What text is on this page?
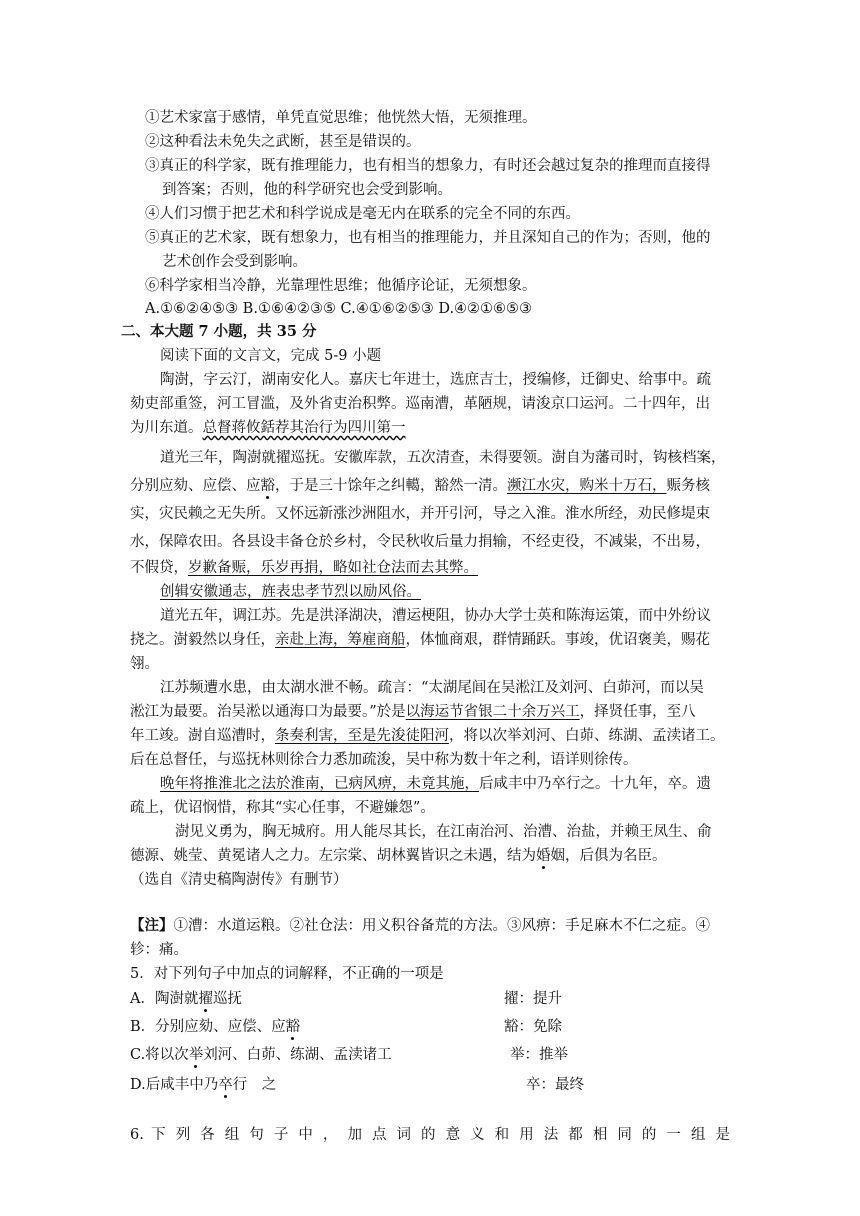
①艺术家富于感情，单凭直觉思维；他恍然大悟，无须推理。
②这种看法未免失之武断，甚至是错误的。
③真正的科学家，既有推理能力，也有相当的想象力，有时还会越过复杂的推理而直接得
到答案；否则，他的科学研究也会受到影响。
④人们习惯于把艺术和科学说成是毫无内在联系的完全不同的东西。
⑤真正的艺术家，既有想象力，也有相当的推理能力，并且深知自己的作为；否则，他的
艺术创作会受到影响。
⑥科学家相当冷静，光靠理性思维；他循序论证，无须想象。
A.①⑥②④⑤③ B.①⑥④②③⑤ C.④①⑥②⑤③ D.④②①⑥⑤③
二、本大题 7 小题，共 35 分
阅读下面的文言文，完成 5-9 小题
陶澍，字云汀，湖南安化人。嘉庆七年进士，选庶吉士，授编修，迁御史、给事中。疏
劾吏部重签，河工冒滥，及外省吏治积弊。巡南漕，革陋规，请浚京口运河。二十四年，出
为川东道。总督蒋攸銛荐其治行为四川第一
道光三年，陶澍就擢巡抚。安徽库款，五次清查，未得要领。澍自为藩司时，钩核档案，
分别应劾、应偿、应豁，于是三十馀年之纠轕，豁然一清。濒江水灾，购米十万石，赈务核
实，灾民赖之无失所。又怀远新涨沙洲阻水，并开引河，导之入淮。淮水所经，劝民修堤束
水，保障农田。各县设丰备仓於乡村，令民秋收后量力捐输，不经吏役，不减粜，不出易，
不假贷，岁歉备赈，乐岁再捐，略如社仓法而去其弊。
创辑安徽通志，旌表忠孝节烈以励风俗。
道光五年，调江苏。先是洪泽湖决，漕运梗阻，协办大学士英和陈海运策，而中外纷议
挠之。澍毅然以身任，亲赴上海，筹雇商船，体恤商艰，群情踊跃。事竣，优诏褒美，赐花
翎。
江苏频遭水患，由太湖水泄不畅。疏言：“太湖尾闾在吴淞江及刘河、白茆河，而以吴
淞江为最要。治吴淞以通海口为最要。”於是以海运节省银二十余万兴工，择贤任事，至八
年工竣。澍自巡漕时，条奏利害，至是先浚徒阳河，将以次举刘河、白茆、练湖、孟渎诸工。
后在总督任，与巡抚林则徐合力悉加疏浚，吴中称为数十年之利，语详则徐传。
晚年将推淮北之法於淮南，已病风痹，未竟其施，后咸丰中乃卒行之。十九年，卒。遗
疏上，优诏悯惜，称其“实心任事，不避嫌怨”。
澍见义勇为，胸无城府。用人能尽其长，在江南治河、治漕、治盐，并赖王凤生、俞
德源、姚莹、黄冕诸人之力。左宗棠、胡林翼皆识之未遇，结为婚姻，后俱为名臣。
（选自《清史稿陶澍传》有删节）
【注】①漕：水道运粮。②社仓法：用义积谷备荒的方法。③风痹：手足麻木不仁之症。④
轸：痛。
5．对下列句子中加点的词解释，不正确的一项是
A．陶澍就擢巡抚	擢：提升
B．分别应劾、应偿、应豁	豁：免除
C.将以次举刘河、白茆、练湖、孟渎诸工	举：推举
D.后咸丰中乃卒行　之	卒：最终
6. 下 列 各 组 句 子 中 ， 加 点 词 的 意 义 和 用 法 都 相 同 的 一 组 是
